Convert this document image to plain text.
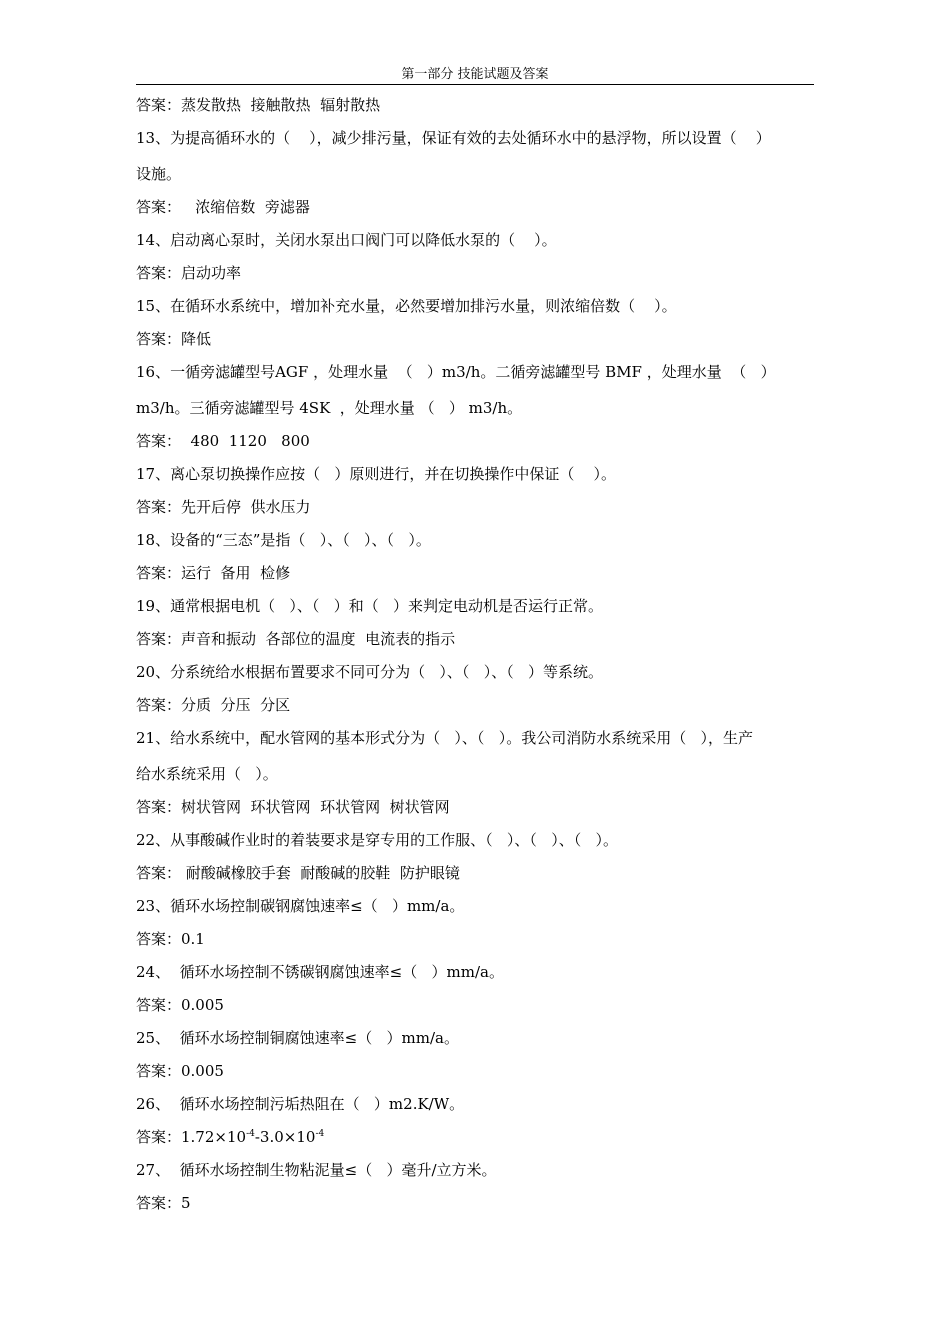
第一部分 技能试题及答案

答案：蒸发散热  接触散热  辐射散热

13、为提高循环水的（    ），减少排污量，保证有效的去处循环水中的悬浮物，所以设置（    ）

设施。

答案：   浓缩倍数  旁滤器

14、启动离心泵时，关闭水泵出口阀门可以降低水泵的（    ）。

答案：启动功率

15、在循环水系统中，增加补充水量，必然要增加排污水量，则浓缩倍数（    ）。

答案：降低

16、一循旁滤罐型号AGF ，处理水量  （   ）m3/h。二循旁滤罐型号 BMF ，处理水量  （   ）

m3/h。三循旁滤罐型号 4SK  ，处理水量 （   ） m3/h。

答案：  480  1120   800

17、离心泵切换操作应按（   ）原则进行，并在切换操作中保证（    ）。

答案：先开后停  供水压力

18、设备的“三态”是指（   ）、（   ）、（   ）。

答案：运行  备用  检修

19、通常根据电机（   ）、（   ）和（   ）来判定电动机是否运行正常。

答案：声音和振动  各部位的温度  电流表的指示

20、分系统给水根据布置要求不同可分为（   ）、（   ）、（   ）等系统。

答案：分质  分压  分区

21、给水系统中，配水管网的基本形式分为（   ）、（   ）。我公司消防水系统采用（   ），生产

给水系统采用（   ）。

答案：树状管网  环状管网  环状管网  树状管网

22、从事酸碱作业时的着装要求是穿专用的工作服、（   ）、（   ）、（   ）。

答案： 耐酸碱橡胶手套  耐酸碱的胶鞋  防护眼镜

23、循环水场控制碳钢腐蚀速率≤（   ）mm/a。

答案：0.1

24、  循环水场控制不锈碳钢腐蚀速率≤（   ）mm/a。

答案：0.005

25、  循环水场控制铜腐蚀速率≤（   ）mm/a。

答案：0.005

26、  循环水场控制污垢热阻在（   ）m2.K/W。

答案：$1.72\times 10^{-4}-3.0\times 10^{-4}$

27、  循环水场控制生物粘泥量≤（   ）毫升/立方米。

答案：5
